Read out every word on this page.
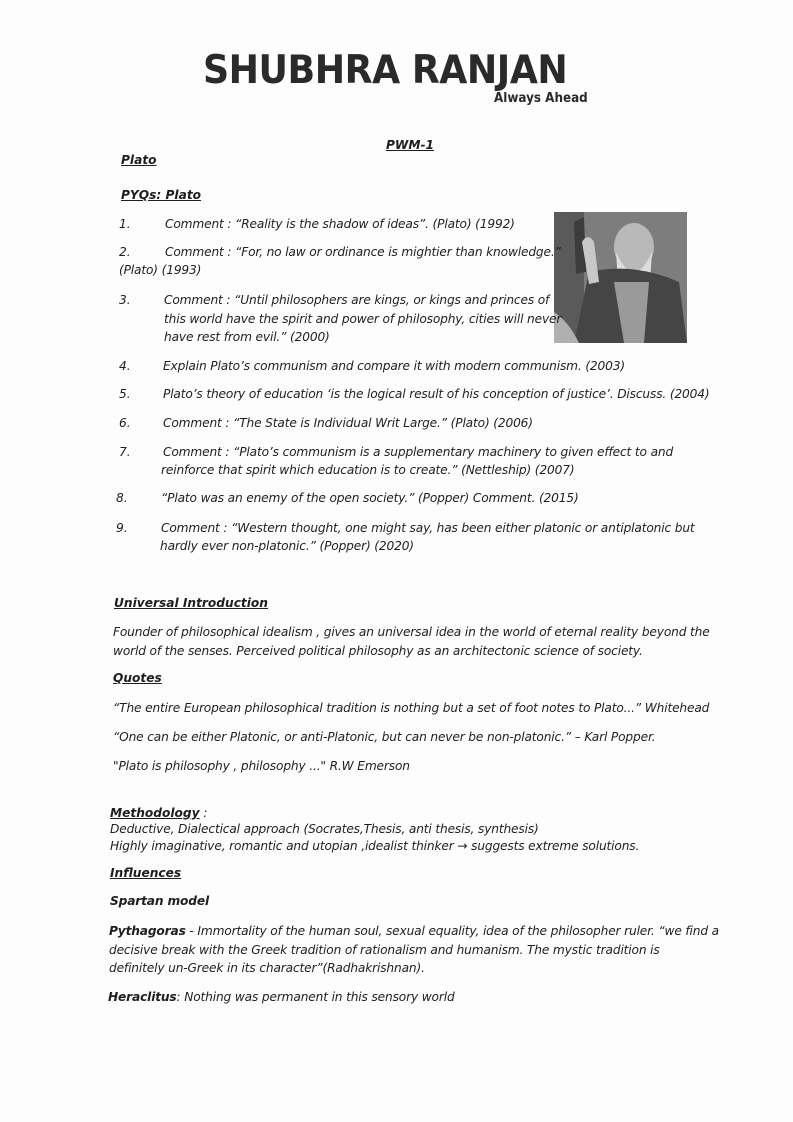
SHUBHRA RANJAN
Always Ahead
PWM-1
Plato
PYQs: Plato
1.	Comment : “Reality is the shadow of ideas”. (Plato) (1992)
2.	Comment : “For, no law or ordinance is mightier than knowledge.”
(Plato) (1993)
3.	Comment : “Until philosophers are kings, or kings and princes of
this world have the spirit and power of philosophy, cities will never
have rest from evil.” (2000)
4.	Explain Plato’s communism and compare it with modern communism. (2003)
5.	Plato’s theory of education ‘is the logical result of his conception of justice’. Discuss. (2004)
6.	Comment : “The State is Individual Writ Large.” (Plato) (2006)
7.	Comment : “Plato’s communism is a supplementary machinery to given effect to and
reinforce that spirit which education is to create.” (Nettleship) (2007)
8.	“Plato was an enemy of the open society.” (Popper) Comment. (2015)
9.	Comment : “Western thought, one might say, has been either platonic or antiplatonic but
hardly ever non-platonic.” (Popper) (2020)
Universal Introduction
Founder of philosophical idealism , gives an universal idea in the world of eternal reality beyond the
world of the senses. Perceived political philosophy as an architectonic science of society.
Quotes
“The entire European philosophical tradition is nothing but a set of foot notes to Plato...” Whitehead
“One can be either Platonic, or anti-Platonic, but can never be non-platonic.” – Karl Popper.
"Plato is philosophy , philosophy ..." R.W Emerson
Methodology :
Deductive, Dialectical approach (Socrates,Thesis, anti thesis, synthesis)
Highly imaginative, romantic and utopian ,idealist thinker → suggests extreme solutions.
Influences
Spartan model
Pythagoras - Immortality of the human soul, sexual equality, idea of the philosopher ruler. “we find a
decisive break with the Greek tradition of rationalism and humanism. The mystic tradition is
definitely un-Greek in its character”(Radhakrishnan).
Heraclitus: Nothing was permanent in this sensory world
